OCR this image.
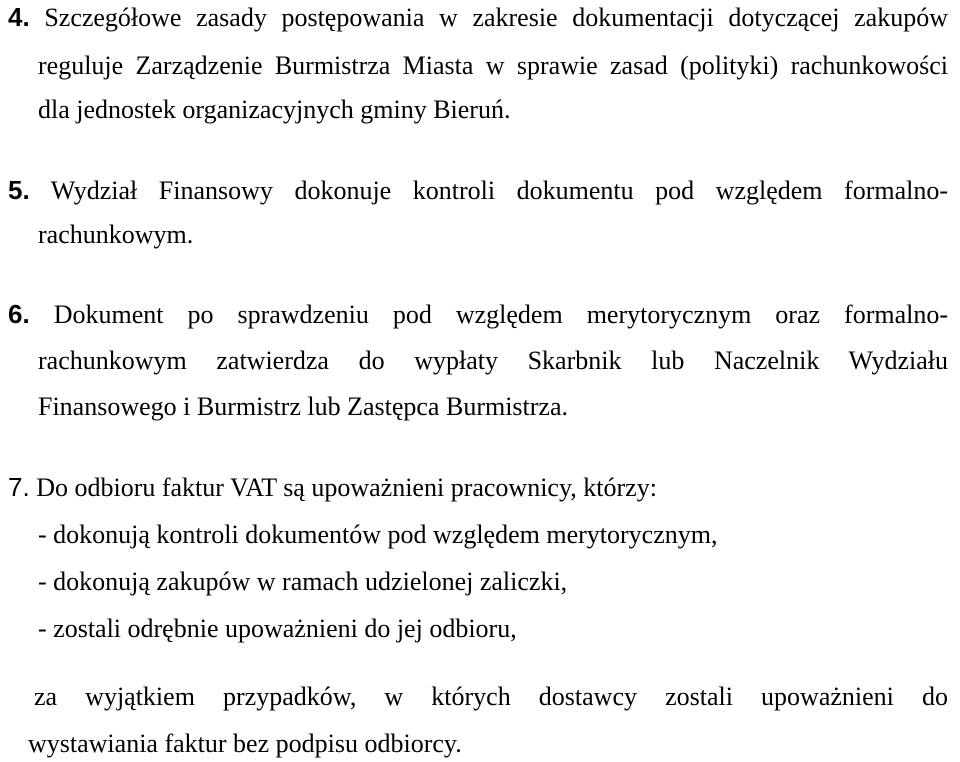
4. Szczegółowe zasady postępowania w zakresie dokumentacji dotyczącej zakupów
reguluje Zarządzenie Burmistrza Miasta w sprawie zasad (polityki) rachunkowości
dla jednostek organizacyjnych gminy Bieruń.
5. Wydział Finansowy dokonuje kontroli dokumentu pod względem formalno-
rachunkowym.
6. Dokument po sprawdzeniu pod względem merytorycznym oraz formalno-
rachunkowym zatwierdza do wypłaty Skarbnik lub Naczelnik Wydziału
Finansowego i Burmistrz lub Zastępca Burmistrza.
7. Do odbioru faktur VAT są upoważnieni pracownicy, którzy:
- dokonują kontroli dokumentów pod względem merytorycznym,
- dokonują zakupów w ramach udzielonej zaliczki,
- zostali odrębnie upoważnieni do jej odbioru,
za wyjątkiem przypadków, w których dostawcy zostali upoważnieni do
wystawiania faktur bez podpisu odbiorcy.
